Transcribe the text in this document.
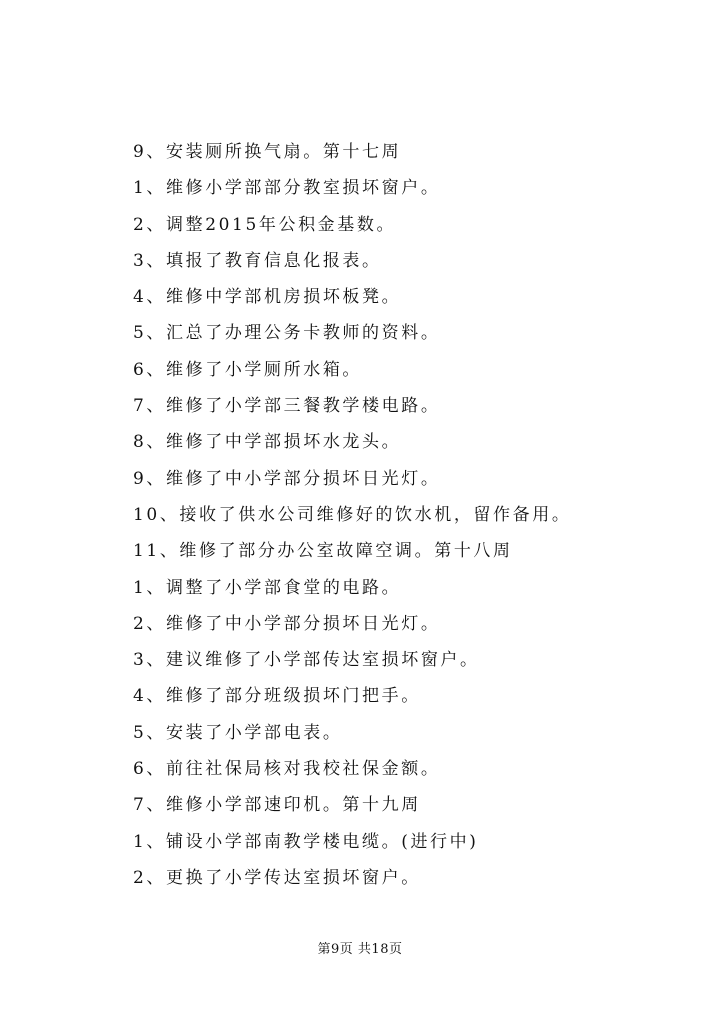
9、安装厕所换气扇。第十七周
1、维修小学部部分教室损坏窗户。
2、调整2015年公积金基数。
3、填报了教育信息化报表。
4、维修中学部机房损坏板凳。
5、汇总了办理公务卡教师的资料。
6、维修了小学厕所水箱。
7、维修了小学部三餐教学楼电路。
8、维修了中学部损坏水龙头。
9、维修了中小学部分损坏日光灯。
10、接收了供水公司维修好的饮水机，留作备用。
11、维修了部分办公室故障空调。第十八周
1、调整了小学部食堂的电路。
2、维修了中小学部分损坏日光灯。
3、建议维修了小学部传达室损坏窗户。
4、维修了部分班级损坏门把手。
5、安装了小学部电表。
6、前往社保局核对我校社保金额。
7、维修小学部速印机。第十九周
1、铺设小学部南教学楼电缆。(进行中)
2、更换了小学传达室损坏窗户。
第9页 共18页
